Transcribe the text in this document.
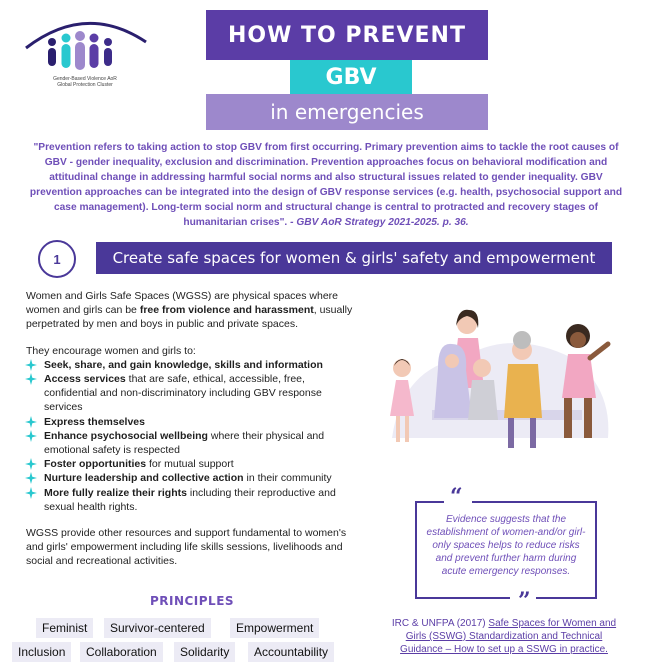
Gender-Based Violence AoR
Global Protection Cluster
HOW TO PREVENT
GBV
in emergencies
"Prevention refers to taking action to stop GBV from first occurring. Primary prevention aims to tackle the root causes of GBV - gender inequality, exclusion and discrimination. Prevention approaches focus on behavioral modification and attitudinal change in addressing harmful social norms and also structural issues related to gender inequality. GBV prevention approaches can be integrated into the design of GBV response services (e.g. health, psychosocial support and case management). Long-term social norm and structural change is central to protracted and recovery stages of humanitarian crises". - GBV AoR Strategy 2021-2025. p. 36.
1	Create safe spaces for women & girls' safety and empowerment
Women and Girls Safe Spaces (WGSS) are physical spaces where women and girls can be free from violence and harassment, usually perpetrated by men and boys in public and private spaces.
They encourage women and girls to:
Seek, share, and gain knowledge, skills and information
Access services that are safe, ethical, accessible, free, confidential and non-discriminatory including GBV response services
Express themselves
Enhance psychosocial wellbeing where their physical and emotional safety is respected
Foster opportunities for mutual support
Nurture leadership and collective action in their community
More fully realize their rights including their reproductive and sexual health rights.
WGSS provide other resources and support fundamental to women's and girls' empowerment including life skills sessions, livelihoods and social and recreational activities.
PRINCIPLES
Feminist	Survivor-centered	Empowerment
Inclusion	Collaboration	Solidarity	Accountability
“
”
Evidence suggests that the establishment of women-and/or girl-only spaces helps to reduce risks and prevent further harm during acute emergency responses.
IRC & UNFPA (2017) Safe Spaces for Women and Girls (SSWG) Standardization and Technical Guidance – How to set up a SSWG in practice.
